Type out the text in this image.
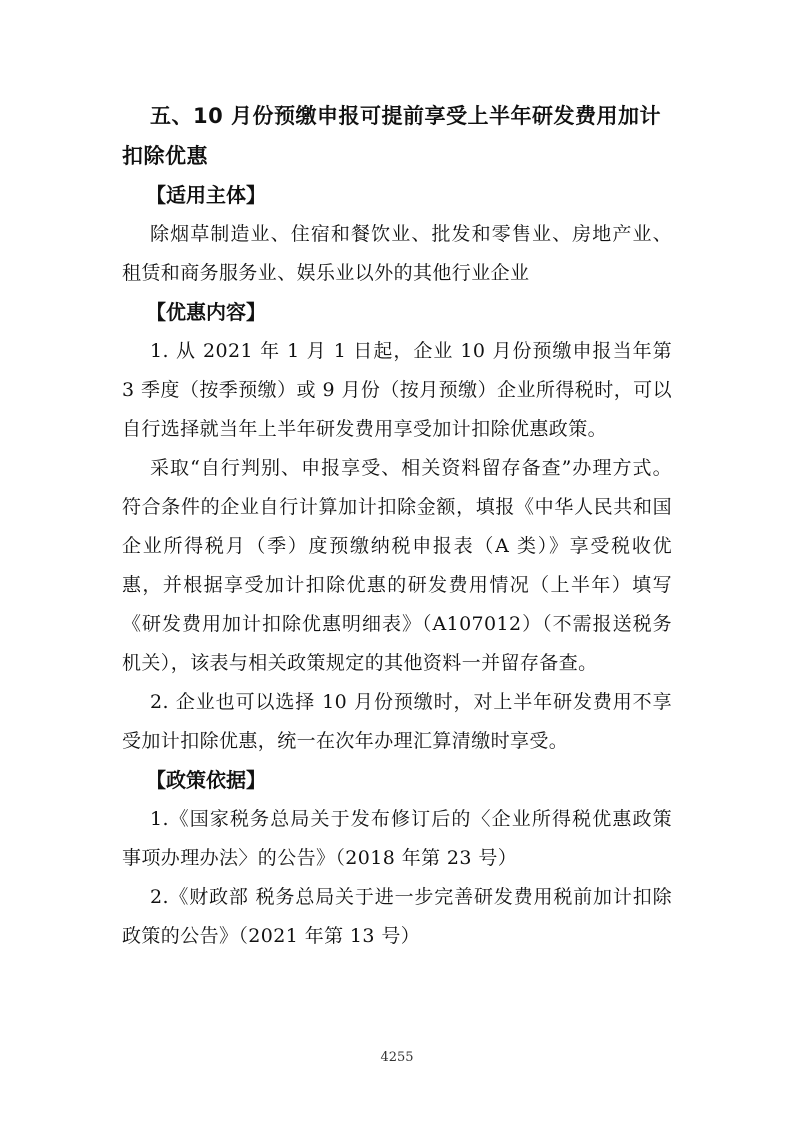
五、10 月份预缴申报可提前享受上半年研发费用加计扣除优惠
【适用主体】

除烟草制造业、住宿和餐饮业、批发和零售业、房地产业、租赁和商务服务业、娱乐业以外的其他行业企业

【优惠内容】

1. 从 2021 年 1 月 1 日起，企业 10 月份预缴申报当年第 3 季度（按季预缴）或 9 月份（按月预缴）企业所得税时，可以自行选择就当年上半年研发费用享受加计扣除优惠政策。

采取“自行判别、申报享受、相关资料留存备查”办理方式。符合条件的企业自行计算加计扣除金额，填报《中华人民共和国企业所得税月（季）度预缴纳税申报表（A 类）》享受税收优惠，并根据享受加计扣除优惠的研发费用情况（上半年）填写《研发费用加计扣除优惠明细表》（A107012）（不需报送税务机关），该表与相关政策规定的其他资料一并留存备查。

2. 企业也可以选择 10 月份预缴时，对上半年研发费用不享受加计扣除优惠，统一在次年办理汇算清缴时享受。

【政策依据】

1.《国家税务总局关于发布修订后的〈企业所得税优惠政策事项办理办法〉的公告》（2018 年第 23 号）

2.《财政部 税务总局关于进一步完善研发费用税前加计扣除政策的公告》（2021 年第 13 号）

4255
